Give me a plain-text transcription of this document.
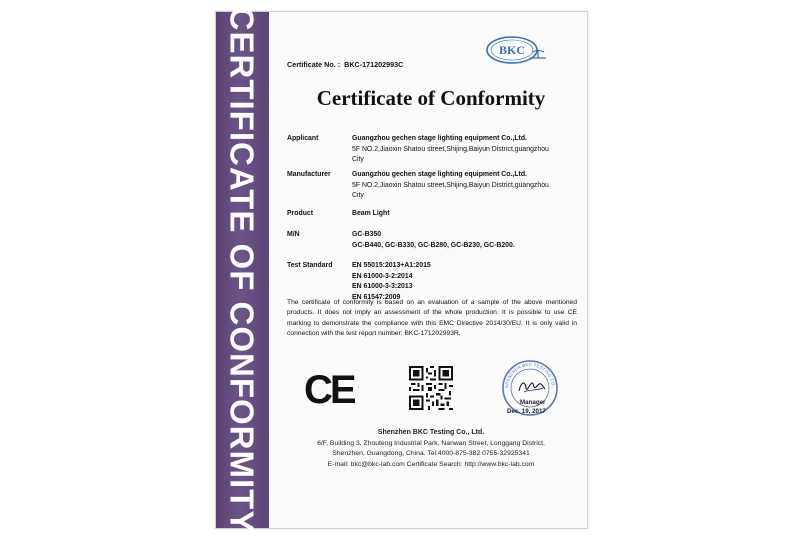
CERTIFICATE OF CONFORMITY	Certificate No. : BKC-171202993C
BKC
Certificate of Conformity
Applicant	Guangzhou gechen stage lighting equipment Co.,Ltd.
5F NO.2,Jiaoxin Shatou street,Shijing,Baiyun District,guangzhou
City
Manufacturer	Guangzhou gechen stage lighting equipment Co.,Ltd.
5F NO.2,Jiaoxin Shatou street,Shijing,Baiyun District,guangzhou
City
Product	Beam Light
M/N	GC-B350
GC-B440, GC-B330, GC-B280, GC-B230, GC-B200.
Test Standard	EN 55015:2013+A1:2015
EN 61000-3-2:2014
EN 61000-3-3:2013
EN 61547:2009
The certificate of conformity is based on an evaluation of a sample of the above mentioned products. It does not imply an assessment of the whole production. It is possible to use CE marking to demonstrate the compliance with this EMC Directive 2014/30/EU. It is only valid in connection with the test report number: BKC-171202993R.
CE	SHENZHEN BKC TESTING CO.,
Manager
Dec. 19, 2017
Shenzhen BKC Testing Co., Ltd.
6/F, Building 3, Zhouteng Industrial Park, Nanwan Street, Longgang District,
Shenzhen, Guangdong, China. Tel:4000-875-382 0755-32925341
E-mail: bkc@bkc-lab.com Certificate Search: http://www.bkc-lab.com
